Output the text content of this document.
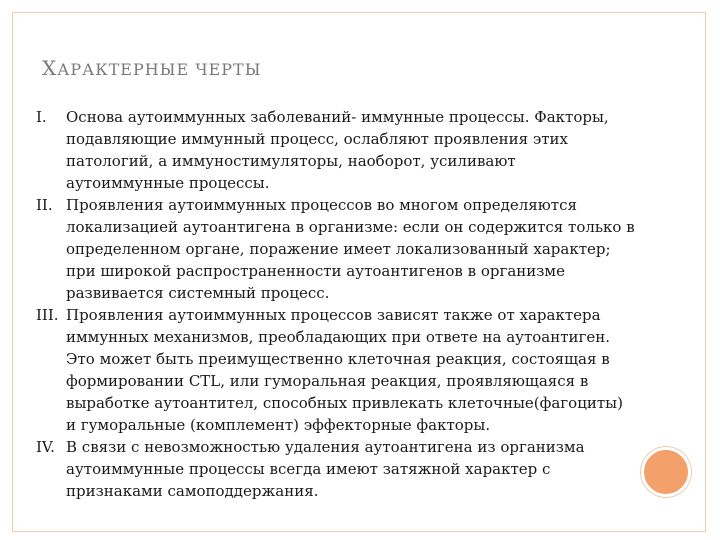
ХАРАКТЕРНЫЕ ЧЕРТЫ
I. Основа аутоиммунных заболеваний- иммунные процессы. Факторы, подавляющие иммунный процесс, ослабляют проявления этих патологий, а иммуностимуляторы, наоборот, усиливают аутоиммунные процессы.
II. Проявления аутоиммунных процессов во многом определяются локализацией аутоантигена в организме: если он содержится только в определенном органе, поражение имеет локализованный характер; при широкой распространенности аутоантигенов в организме развивается системный процесс.
III. Проявления аутоиммунных процессов зависят также от характера иммунных механизмов, преобладающих при ответе на аутоантиген. Это может быть преимущественно клеточная реакция, состоящая в формировании CTL, или гуморальная реакция, проявляющаяся в выработке аутоантител, способных привлекать клеточные(фагоциты) и гуморальные (комплемент) эффекторные факторы.
IV. В связи с невозможностью удаления аутоантигена из организма аутоиммунные процессы всегда имеют затяжной характер с признаками самоподдержания.
